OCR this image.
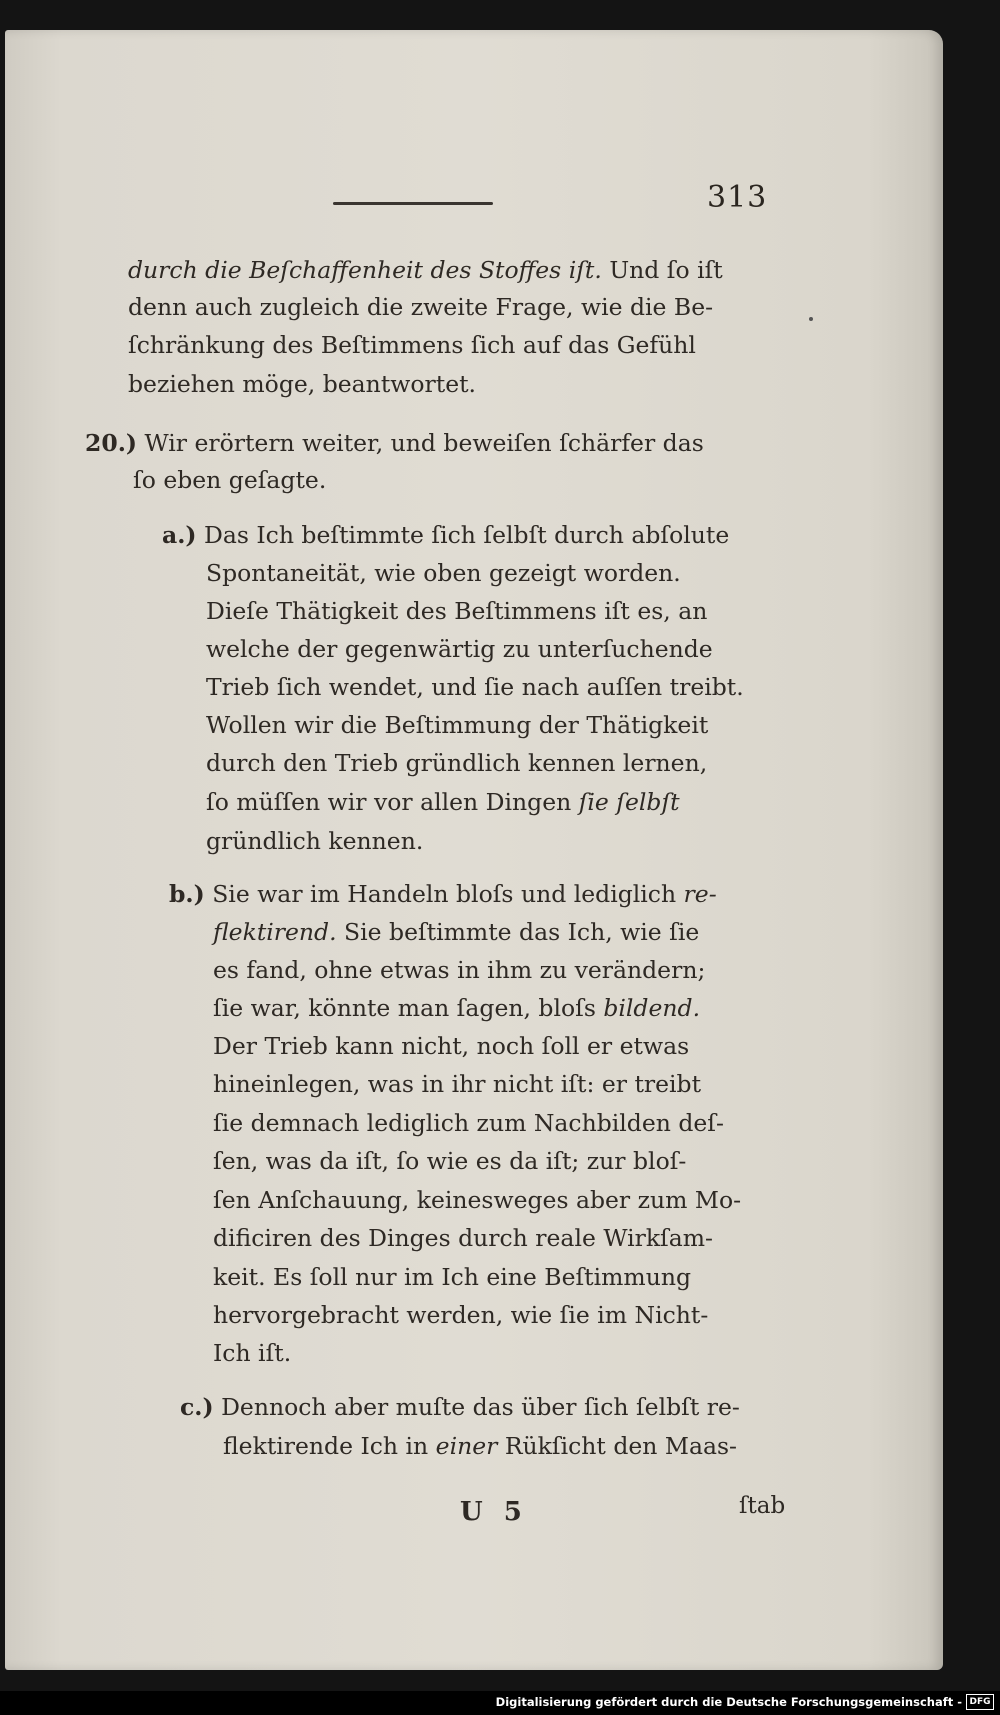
313
durch die Beſchaffenheit des Stoffes iſt. Und ſo iſt
denn auch zugleich die zweite Frage, wie die Be-
ſchränkung des Beſtimmens ſich auf das Gefühl
beziehen möge, beantwortet.
20.) Wir erörtern weiter, und beweiſen ſchärfer das
ſo eben geſagte.
a.) Das Ich beſtimmte ſich ſelbſt durch abſolute
Spontaneität, wie oben gezeigt worden.
Dieſe Thätigkeit des Beſtimmens iſt es, an
welche der gegenwärtig zu unterſuchende
Trieb ſich wendet, und ſie nach auſſen treibt.
Wollen wir die Beſtimmung der Thätigkeit
durch den Trieb gründlich kennen lernen,
ſo müſſen wir vor allen Dingen ſie ſelbſt
gründlich kennen.
b.) Sie war im Handeln bloſs und lediglich re-
flektirend. Sie beſtimmte das Ich, wie ſie
es fand, ohne etwas in ihm zu verändern;
ſie war, könnte man ſagen, bloſs bildend.
Der Trieb kann nicht, noch ſoll er etwas
hineinlegen, was in ihr nicht iſt: er treibt
ſie demnach lediglich zum Nachbilden deſ-
ſen, was da iſt, ſo wie es da iſt; zur bloſ-
ſen Anſchauung, keinesweges aber zum Mo-
dificiren des Dinges durch reale Wirkſam-
keit. Es ſoll nur im Ich eine Beſtimmung
hervorgebracht werden, wie ſie im Nicht-
Ich iſt.
c.) Dennoch aber muſte das über ſich ſelbſt re-
flektirende Ich in einer Rükſicht den Maas-
U 5	ſtab
Digitalisierung gefördert durch die Deutsche Forschungsgemeinschaft - DFG
